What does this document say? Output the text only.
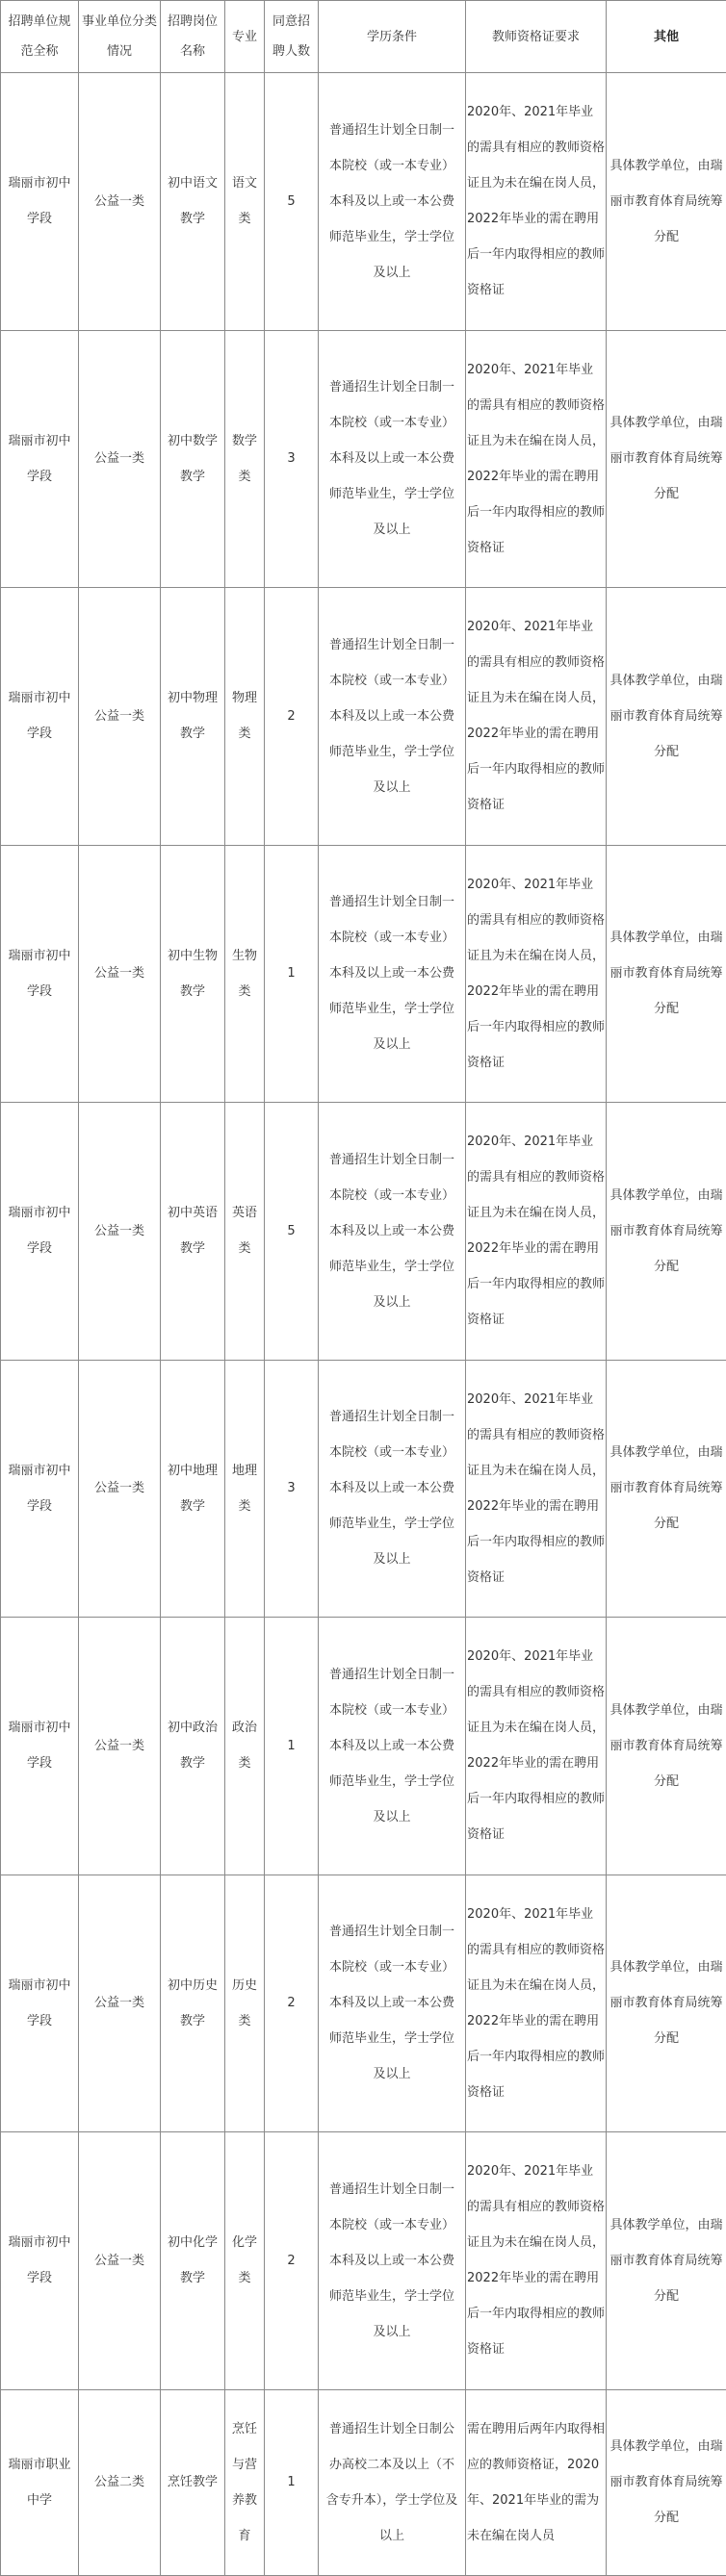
招聘单位规范全称	事业单位分类情况	招聘岗位名称	专业	同意招聘人数	学历条件	教师资格证要求	其他
瑞丽市初中学段	公益一类	初中语文教学	语文类	5	普通招生计划全日制一本院校（或一本专业）本科及以上或一本公费师范毕业生，学士学位及以上	2020年、2021年毕业的需具有相应的教师资格证且为未在编在岗人员，2022年毕业的需在聘用后一年内取得相应的教师资格证	具体教学单位，由瑞丽市教育体育局统筹分配
瑞丽市初中学段	公益一类	初中数学教学	数学类	3	普通招生计划全日制一本院校（或一本专业）本科及以上或一本公费师范毕业生，学士学位及以上	2020年、2021年毕业的需具有相应的教师资格证且为未在编在岗人员，2022年毕业的需在聘用后一年内取得相应的教师资格证	具体教学单位，由瑞丽市教育体育局统筹分配
瑞丽市初中学段	公益一类	初中物理教学	物理类	2	普通招生计划全日制一本院校（或一本专业）本科及以上或一本公费师范毕业生，学士学位及以上	2020年、2021年毕业的需具有相应的教师资格证且为未在编在岗人员，2022年毕业的需在聘用后一年内取得相应的教师资格证	具体教学单位，由瑞丽市教育体育局统筹分配
瑞丽市初中学段	公益一类	初中生物教学	生物类	1	普通招生计划全日制一本院校（或一本专业）本科及以上或一本公费师范毕业生，学士学位及以上	2020年、2021年毕业的需具有相应的教师资格证且为未在编在岗人员，2022年毕业的需在聘用后一年内取得相应的教师资格证	具体教学单位，由瑞丽市教育体育局统筹分配
瑞丽市初中学段	公益一类	初中英语教学	英语类	5	普通招生计划全日制一本院校（或一本专业）本科及以上或一本公费师范毕业生，学士学位及以上	2020年、2021年毕业的需具有相应的教师资格证且为未在编在岗人员，2022年毕业的需在聘用后一年内取得相应的教师资格证	具体教学单位，由瑞丽市教育体育局统筹分配
瑞丽市初中学段	公益一类	初中地理教学	地理类	3	普通招生计划全日制一本院校（或一本专业）本科及以上或一本公费师范毕业生，学士学位及以上	2020年、2021年毕业的需具有相应的教师资格证且为未在编在岗人员，2022年毕业的需在聘用后一年内取得相应的教师资格证	具体教学单位，由瑞丽市教育体育局统筹分配
瑞丽市初中学段	公益一类	初中政治教学	政治类	1	普通招生计划全日制一本院校（或一本专业）本科及以上或一本公费师范毕业生，学士学位及以上	2020年、2021年毕业的需具有相应的教师资格证且为未在编在岗人员，2022年毕业的需在聘用后一年内取得相应的教师资格证	具体教学单位，由瑞丽市教育体育局统筹分配
瑞丽市初中学段	公益一类	初中历史教学	历史类	2	普通招生计划全日制一本院校（或一本专业）本科及以上或一本公费师范毕业生，学士学位及以上	2020年、2021年毕业的需具有相应的教师资格证且为未在编在岗人员，2022年毕业的需在聘用后一年内取得相应的教师资格证	具体教学单位，由瑞丽市教育体育局统筹分配
瑞丽市初中学段	公益一类	初中化学教学	化学类	2	普通招生计划全日制一本院校（或一本专业）本科及以上或一本公费师范毕业生，学士学位及以上	2020年、2021年毕业的需具有相应的教师资格证且为未在编在岗人员，2022年毕业的需在聘用后一年内取得相应的教师资格证	具体教学单位，由瑞丽市教育体育局统筹分配
瑞丽市职业中学	公益二类	烹饪教学	烹饪与营养教育	1	普通招生计划全日制公办高校二本及以上（不含专升本），学士学位及以上	需在聘用后两年内取得相应的教师资格证，2020年、2021年毕业的需为未在编在岗人员	具体教学单位，由瑞丽市教育体育局统筹分配
